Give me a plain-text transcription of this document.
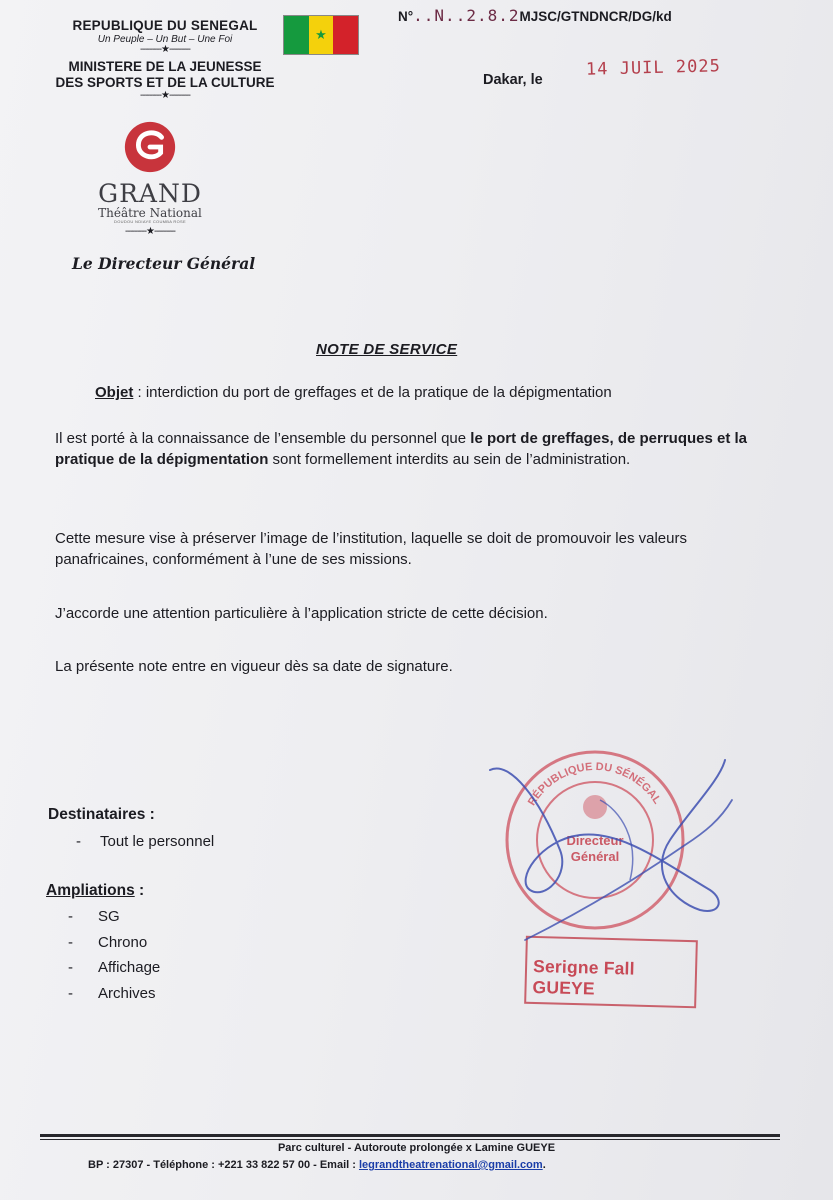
REPUBLIQUE DU SENEGAL
Un Peuple – Un But – Une Foi
---------★---------
MINISTERE DE LA JEUNESSE
DES SPORTS ET DE LA CULTURE
---------★---------
★
N°..N..2.8.2MJSC/GTNDNCR/DG/kd
Dakar, le
14 JUIL 2025
GRAND
Théâtre National
DOUDOU NDIAYE COUMBA ROSE
---------★---------
Le Directeur Général
NOTE DE SERVICE
Objet : interdiction du port de greffages et de la pratique de la dépigmentation
Il est porté à la connaissance de l’ensemble du personnel que le port de greffages, de perruques et la pratique de la dépigmentation sont formellement interdits au sein de l’administration.
Cette mesure vise à préserver l’image de l’institution, laquelle se doit de promouvoir les valeurs panafricaines, conformément à l’une de ses missions.
J’accorde une attention particulière à l’application stricte de cette décision.
La présente note entre en vigueur dès sa date de signature.
Destinataires :
-   Tout le personnel
Ampliations :
- SG
- Chrono
- Affichage
- Archives
RÉPUBLIQUE DU SÉNÉGAL
Directeur
Général
Serigne Fall GUEYE
Parc culturel - Autoroute prolongée x Lamine GUEYE
BP : 27307 - Téléphone : +221 33 822 57 00 - Email : legrandtheatrenational@gmail.com.
